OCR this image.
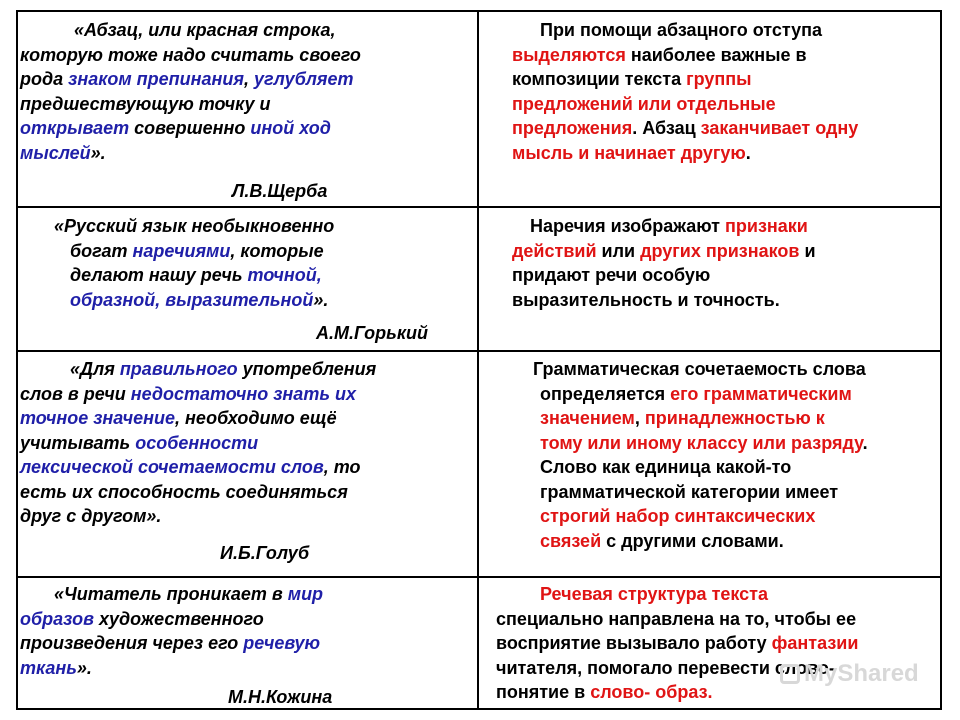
«Абзац, или красная строка,
которую тоже надо считать своего
рода знаком препинания, углубляет
предшествующую точку и
открывает совершенно иной ход
мыслей».
Л.В.Щерба
При помощи абзацного отступа
выделяются наиболее важные в
композиции текста группы
предложений или отдельные
предложения. Абзац заканчивает одну
мысль и начинает другую.
«Русский язык необыкновенно
богат наречиями, которые
делают нашу речь точной,
образной, выразительной».
А.М.Горький
Наречия изображают признаки
действий или других признаков и
придают речи особую
выразительность и точность.
«Для правильного употребления
слов в речи недостаточно знать их
точное значение, необходимо ещё
учитывать особенности
лексической сочетаемости слов, то
есть их способность соединяться
друг с другом».
И.Б.Голуб
Грамматическая сочетаемость слова
определяется его грамматическим
значением, принадлежностью к
тому или иному классу или разряду.
Слово как единица какой-то
грамматической категории имеет
строгий набор синтаксических
связей с другими словами.
«Читатель проникает в мир
образов художественного
произведения через его речевую
ткань».
М.Н.Кожина
Речевая структура текста
специально направлена на то, чтобы ее
восприятие вызывало работу фантазии
читателя, помогало перевести слово-
понятие в слово- образ.
MyShared
